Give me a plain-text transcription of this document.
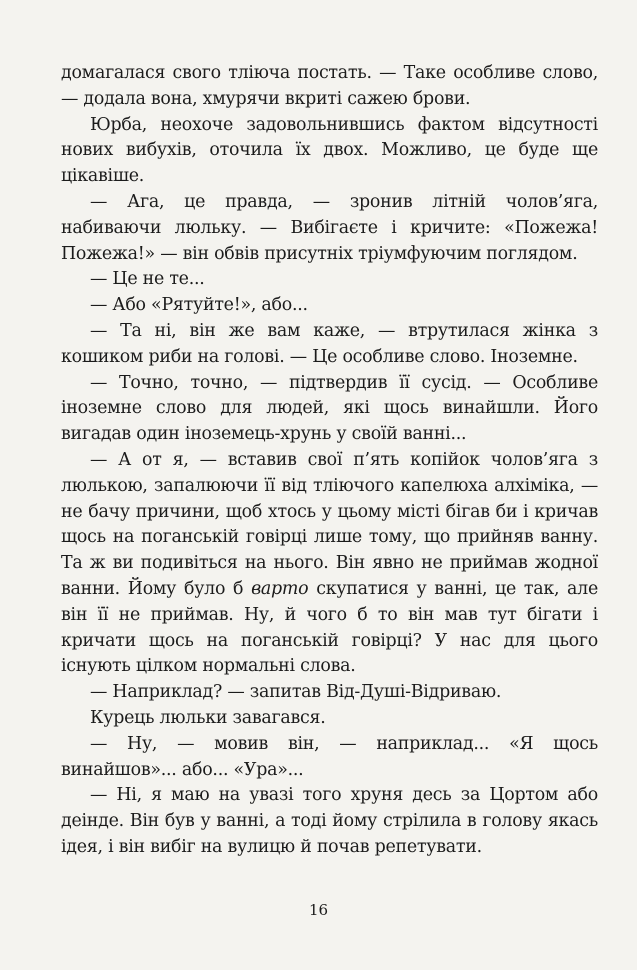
домагалася свого тліюча постать. — Таке особливе слово, — додала вона, хмурячи вкриті сажею брови.

Юрба, неохоче задовольнившись фактом відсутності нових вибухів, оточила їх двох. Можливо, це буде ще цікавіше.

— Ага, це правда, — зронив літній чолов’яга, набиваючи люльку. — Вибігаєте і кричите: «Пожежа! Пожежа!» — він обвів присутніх тріумфуючим поглядом.

— Це не те...

— Або «Рятуйте!», або...

— Та ні, він же вам каже, — втрутилася жінка з кошиком риби на голові. — Це особливе слово. Іноземне.

— Точно, точно, — підтвердив її сусід. — Особливе іноземне слово для людей, які щось винайшли. Його вигадав один іноземець-хрунь у своїй ванні...

— А от я, — вставив свої п’ять копійок чолов’яга з люлькою, запалюючи її від тліючого капелюха алхіміка, — не бачу причини, щоб хтось у цьому місті бігав би і кричав щось на поганській говірці лише тому, що прийняв ванну. Та ж ви подивіться на нього. Він явно не приймав жодної ванни. Йому було б варто скупатися у ванні, це так, але він її не приймав. Ну, й чого б то він мав тут бігати і кричати щось на поганській говірці? У нас для цього існують цілком нормальні слова.

— Наприклад? — запитав Від-Душі-Відриваю.

Курець люльки завагався.

— Ну, — мовив він, — наприклад... «Я щось винайшов»... або... «Ура»...

— Ні, я маю на увазі того хруня десь за Цортом або деінде. Він був у ванні, а тоді йому стрілила в голову якась ідея, і він вибіг на вулицю й почав репетувати.

16
